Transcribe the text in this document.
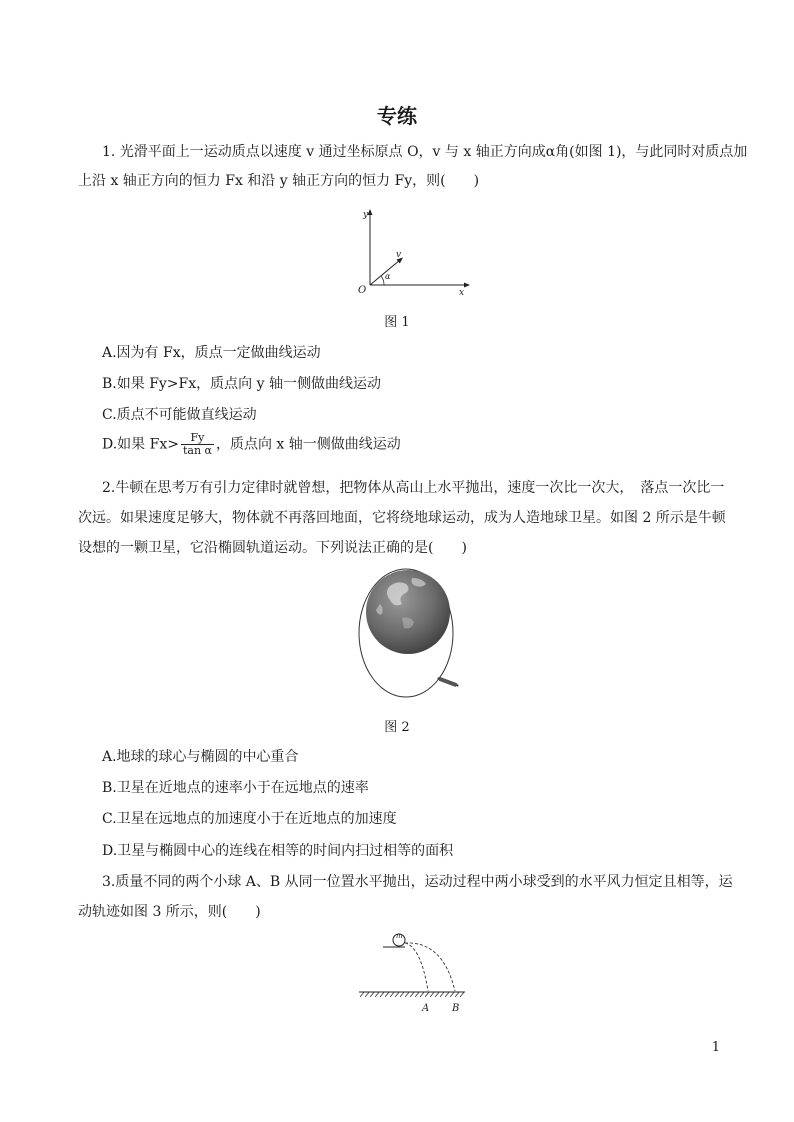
专练
1. 光滑平面上一运动质点以速度 v 通过坐标原点 O，v 与 x 轴正方向成α角(如图 1)，与此同时对质点加
上沿 x 轴正方向的恒力 Fx 和沿 y 轴正方向的恒力 Fy，则(　　)
y
x
O
v
α
图 1
A.因为有 Fx，质点一定做曲线运动
B.如果 Fy>Fx，质点向 y 轴一侧做曲线运动
C.质点不可能做直线运动
D.如果 $Fx> \frac{Fy}{\text{tan α}}$ ，质点向 x 轴一侧做曲线运动
2.牛顿在思考万有引力定律时就曾想，把物体从高山上水平抛出，速度一次比一次大，　落点一次比一
次远。如果速度足够大，物体就不再落回地面，它将绕地球运动，成为人造地球卫星。如图 2 所示是牛顿
设想的一颗卫星，它沿椭圆轨道运动。下列说法正确的是(　　)
图 2
A.地球的球心与椭圆的中心重合
B.卫星在近地点的速率小于在远地点的速率
C.卫星在远地点的加速度小于在近地点的加速度
D.卫星与椭圆中心的连线在相等的时间内扫过相等的面积
3.质量不同的两个小球 A、B 从同一位置水平抛出，运动过程中两小球受到的水平风力恒定且相等，运
动轨迹如图 3 所示，则(　　)
m
A B
1
